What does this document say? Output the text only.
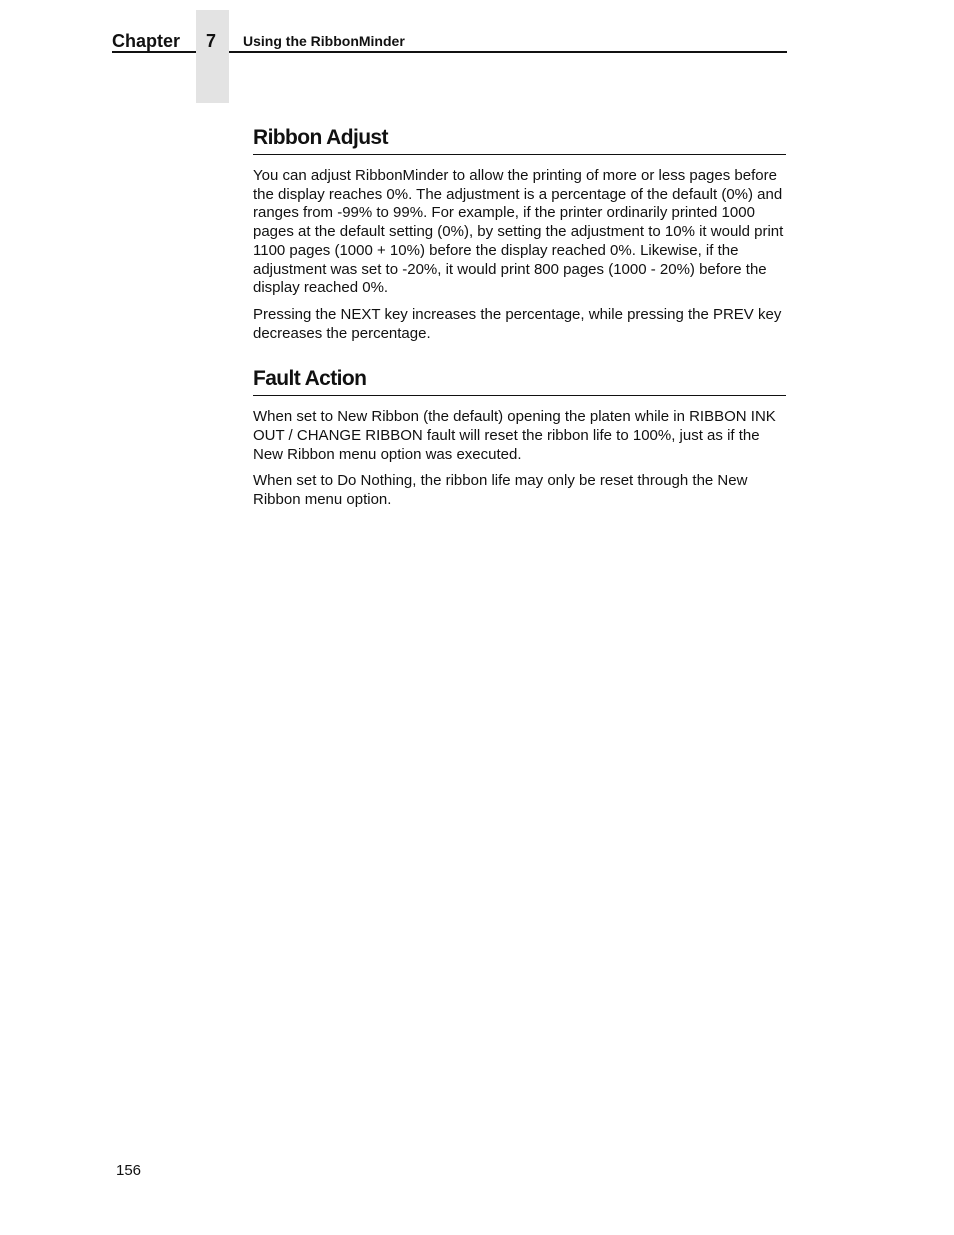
Chapter 7 Using the RibbonMinder
Ribbon Adjust

You can adjust RibbonMinder to allow the printing of more or less pages before the display reaches 0%. The adjustment is a percentage of the default (0%) and ranges from -99% to 99%. For example, if the printer ordinarily printed 1000 pages at the default setting (0%), by setting the adjustment to 10% it would print 1100 pages (1000 + 10%) before the display reached 0%. Likewise, if the adjustment was set to -20%, it would print 800 pages (1000 - 20%) before the display reached 0%.

Pressing the NEXT key increases the percentage, while pressing the PREV key decreases the percentage.

Fault Action

When set to New Ribbon (the default) opening the platen while in RIBBON INK OUT / CHANGE RIBBON fault will reset the ribbon life to 100%, just as if the New Ribbon menu option was executed.

When set to Do Nothing, the ribbon life may only be reset through the New Ribbon menu option.

156
